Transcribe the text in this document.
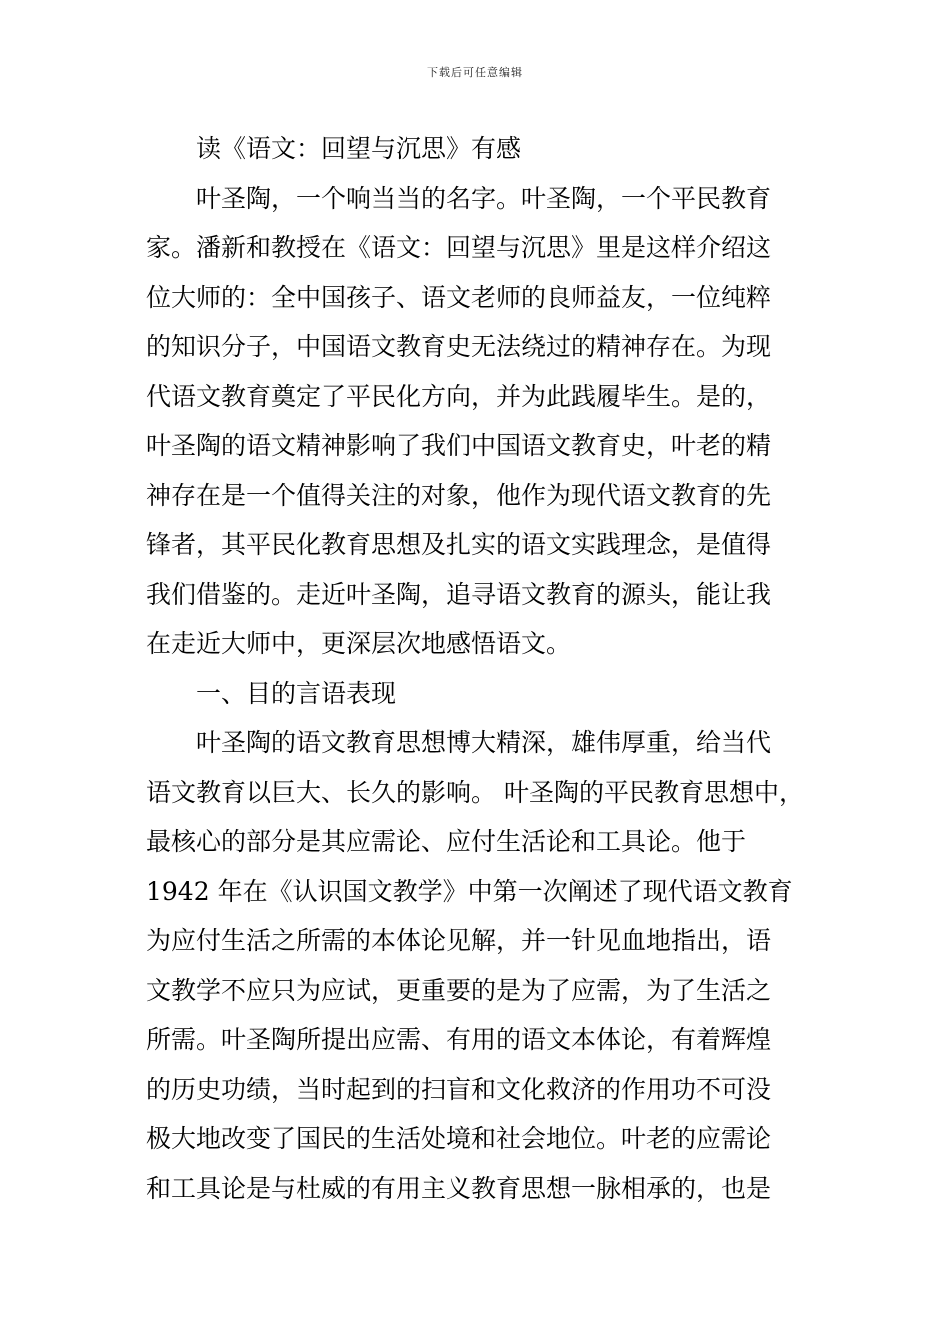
下载后可任意编辑
读《语文：回望与沉思》有感
叶圣陶，一个响当当的名字。叶圣陶，一个平民教育
家。潘新和教授在《语文：回望与沉思》里是这样介绍这
位大师的：全中国孩子、语文老师的良师益友，一位纯粹
的知识分子，中国语文教育史无法绕过的精神存在。为现
代语文教育奠定了平民化方向，并为此践履毕生。是的，
叶圣陶的语文精神影响了我们中国语文教育史，叶老的精
神存在是一个值得关注的对象，他作为现代语文教育的先
锋者，其平民化教育思想及扎实的语文实践理念，是值得
我们借鉴的。走近叶圣陶，追寻语文教育的源头，能让我
在走近大师中，更深层次地感悟语文。
一、目的言语表现
叶圣陶的语文教育思想博大精深，雄伟厚重，给当代
语文教育以巨大、长久的影响。 叶圣陶的平民教育思想中，
最核心的部分是其应需论、应付生活论和工具论。他于
1942 年在《认识国文教学》中第一次阐述了现代语文教育
为应付生活之所需的本体论见解，并一针见血地指出，语
文教学不应只为应试，更重要的是为了应需，为了生活之
所需。叶圣陶所提出应需、有用的语文本体论，有着辉煌
的历史功绩，当时起到的扫盲和文化救济的作用功不可没
极大地改变了国民的生活处境和社会地位。叶老的应需论
和工具论是与杜威的有用主义教育思想一脉相承的，也是
